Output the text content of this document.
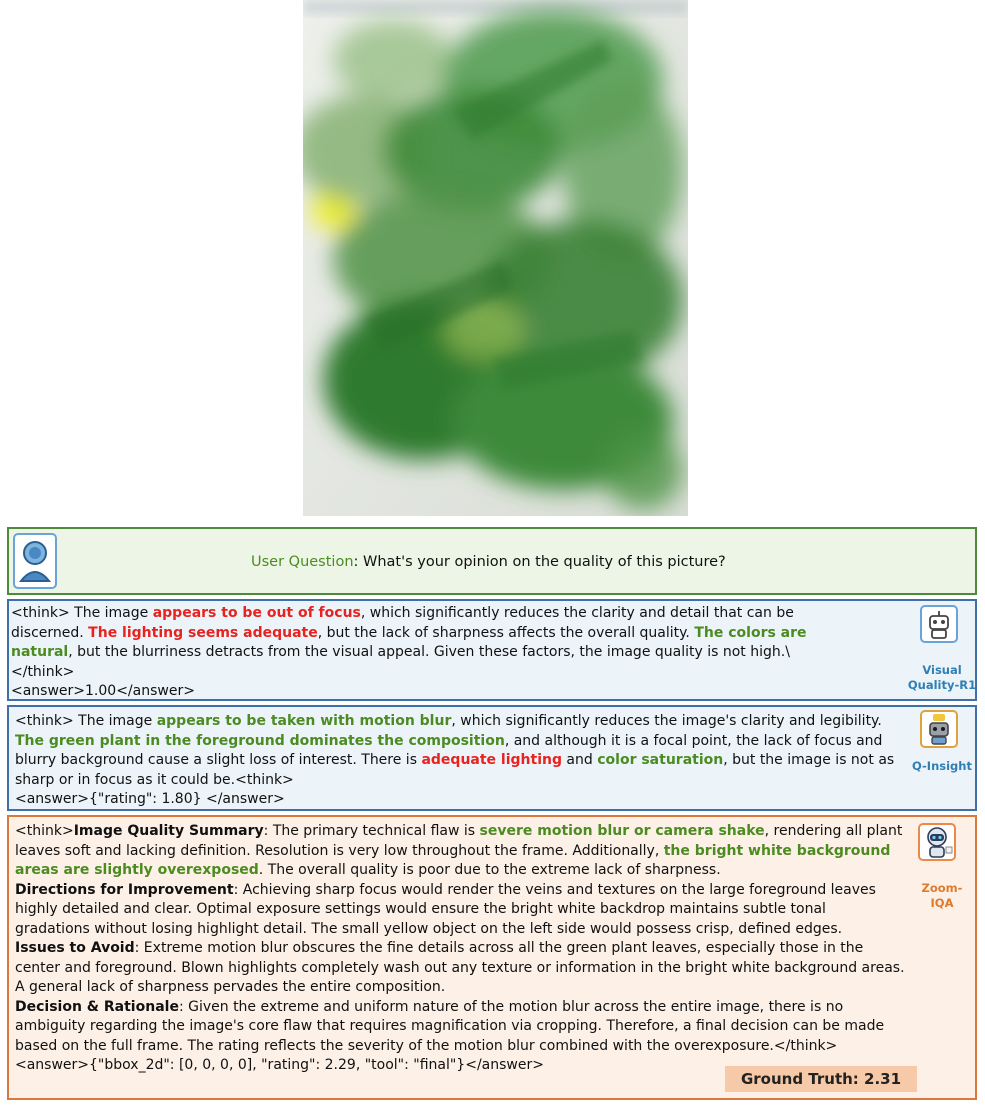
User Question: What's your opinion on the quality of this picture?
<think> The image appears to be out of focus, which significantly reduces the clarity and detail that can be discerned. The lighting seems adequate, but the lack of sharpness affects the overall quality. The colors are natural, but the blurriness detracts from the visual appeal. Given these factors, the image quality is not high.\</think>
<answer>1.00</answer>
Visual
Quality-R1
<think> The image appears to be taken with motion blur, which significantly reduces the image's clarity and legibility. The green plant in the foreground dominates the composition, and although it is a focal point, the lack of focus and blurry background cause a slight loss of interest. There is adequate lighting and color saturation, but the image is not as sharp or in focus as it could be.<think>
<answer>{"rating": 1.80} </answer>
Q-Insight
<think>Image Quality Summary: The primary technical flaw is severe motion blur or camera shake, rendering all plant leaves soft and lacking definition. Resolution is very low throughout the frame. Additionally, the bright white background areas are slightly overexposed. The overall quality is poor due to the extreme lack of sharpness.
Directions for Improvement: Achieving sharp focus would render the veins and textures on the large foreground leaves highly detailed and clear. Optimal exposure settings would ensure the bright white backdrop maintains subtle tonal gradations without losing highlight detail. The small yellow object on the left side would possess crisp, defined edges.
Issues to Avoid: Extreme motion blur obscures the fine details across all the green plant leaves, especially those in the center and foreground. Blown highlights completely wash out any texture or information in the bright white background areas. A general lack of sharpness pervades the entire composition.
Decision & Rationale: Given the extreme and uniform nature of the motion blur across the entire image, there is no ambiguity regarding the image's core flaw that requires magnification via cropping. Therefore, a final decision can be made based on the full frame. The rating reflects the severity of the motion blur combined with the overexposure.</think>
<answer>{"bbox_2d": [0, 0, 0, 0], "rating": 2.29, "tool": "final"}</answer>
Zoom-
IQA
Ground Truth: 2.31
